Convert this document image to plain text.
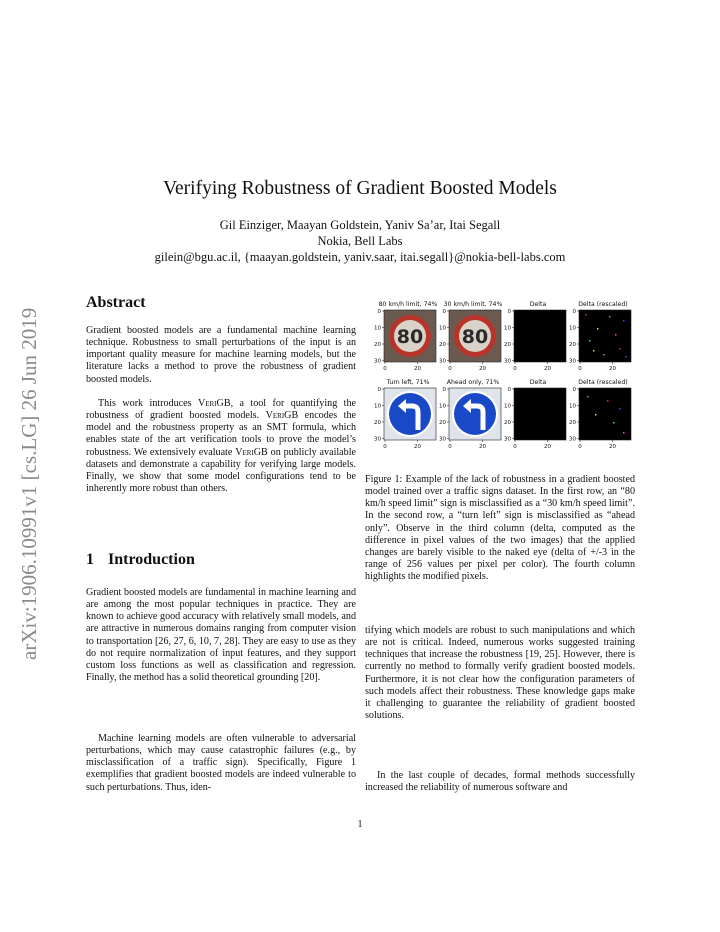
arXiv:1906.10991v1 [cs.LG] 26 Jun 2019
Verifying Robustness of Gradient Boosted Models
Gil Einziger, Maayan Goldstein, Yaniv Sa’ar, Itai Segall
Nokia, Bell Labs
gilein@bgu.ac.il, {maayan.goldstein, yaniv.saar, itai.segall}@nokia-bell-labs.com
Abstract

Gradient boosted models are a fundamental machine learning technique. Robustness to small perturbations of the input is an important quality measure for machine learning models, but the literature lacks a method to prove the robustness of gradient boosted models.

This work introduces VeriGB, a tool for quantifying the robustness of gradient boosted models. VeriGB encodes the model and the robustness property as an SMT formula, which enables state of the art verification tools to prove the model’s robustness. We extensively evaluate VeriGB on publicly available datasets and demonstrate a capability for verifying large models. Finally, we show that some model configurations tend to be inherently more robust than others.

1 Introduction

Gradient boosted models are fundamental in machine learning and are among the most popular techniques in practice. They are known to achieve good accuracy with relatively small models, and are attractive in numerous domains ranging from computer vision to transportation [26, 27, 6, 10, 7, 28]. They are easy to use as they do not require normalization of input features, and they support custom loss functions as well as classification and regression. Finally, the method has a solid theoretical grounding [20].

Machine learning models are often vulnerable to adversarial perturbations, which may cause catastrophic failures (e.g., by misclassification of a traffic sign). Specifically, Figure 1 exemplifies that gradient boosted models are indeed vulnerable to such perturbations. Thus, iden-

80 km/h limit, 74%
80
0
10
20
30
0	20
30 km/h limit, 74%
80
0
10
20
30
0	20
Delta
0
10
20
30
0	20
Delta (rescaled)
0
10
20
30
0	20
Turn left, 71%
0
10
20
30
0	20
Ahead only, 71%
0
10
20
30
0	20
Delta
0
10
20
30
0	20
Delta (rescaled)
0
10
20
30
0	20

Figure 1: Example of the lack of robustness in a gradient boosted model trained over a traffic signs dataset. In the first row, an “80 km/h speed limit” sign is misclassified as a “30 km/h speed limit”. In the second row, a “turn left” sign is misclassified as “ahead only”. Observe in the third column (delta, computed as the difference in pixel values of the two images) that the applied changes are barely visible to the naked eye (delta of +/-3 in the range of 256 values per pixel per color). The fourth column highlights the modified pixels.

tifying which models are robust to such manipulations and which are not is critical. Indeed, numerous works suggested training techniques that increase the robustness [19, 25]. However, there is currently no method to formally verify gradient boosted models. Furthermore, it is not clear how the configuration parameters of such models affect their robustness. These knowledge gaps make it challenging to guarantee the reliability of gradient boosted solutions.

In the last couple of decades, formal methods successfully increased the reliability of numerous software and

1
